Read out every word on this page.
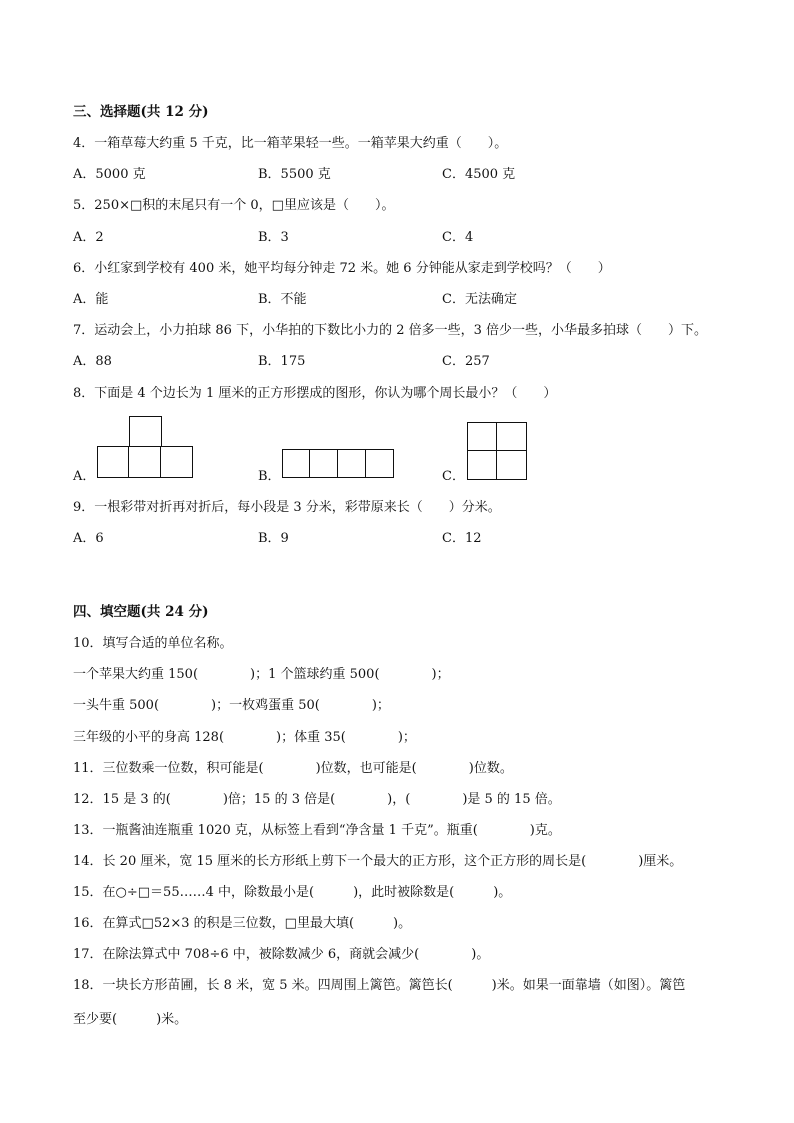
三、选择题(共 12 分)
4．一箱草莓大约重 5 千克，比一箱苹果轻一些。一箱苹果大约重（　　）。
A．5000 克	B．5500 克	C．4500 克
5．250×□积的末尾只有一个 0，□里应该是（　　）。
A．2	B．3	C．4
6．小红家到学校有 400 米，她平均每分钟走 72 米。她 6 分钟能从家走到学校吗？（　　）
A．能	B．不能	C．无法确定
7．运动会上，小力拍球 86 下，小华拍的下数比小力的 2 倍多一些，3 倍少一些，小华最多拍球（　　）下。
A．88	B．175	C．257
8．下面是 4 个边长为 1 厘米的正方形摆成的图形，你认为哪个周长最小？（　　）
A．	B．	C．
9．一根彩带对折再对折后，每小段是 3 分米，彩带原来长（　　）分米。
A．6	B．9	C．12
四、填空题(共 24 分)
10．填写合适的单位名称。
一个苹果大约重 150(　　　　)；1 个篮球约重 500(　　　　)；
一头牛重 500(　　　　)；一枚鸡蛋重 50(　　　　)；
三年级的小平的身高 128(　　　　)；体重 35(　　　　)；
11．三位数乘一位数，积可能是(　　　　)位数，也可能是(　　　　)位数。
12．15 是 3 的(　　　　)倍；15 的 3 倍是(　　　　)，(　　　　)是 5 的 15 倍。
13．一瓶酱油连瓶重 1020 克，从标签上看到“净含量 1 千克”。瓶重(　　　　)克。
14．长 20 厘米，宽 15 厘米的长方形纸上剪下一个最大的正方形，这个正方形的周长是(　　　　)厘米。
15．在○÷□＝55……4 中，除数最小是(　　　)，此时被除数是(　　　)。
16．在算式□52×3 的积是三位数，□里最大填(　　　)。
17．在除法算式中 708÷6 中，被除数减少 6，商就会减少(　　　　)。
18．一块长方形苗圃，长 8 米，宽 5 米。四周围上篱笆。篱笆长(　　　)米。如果一面靠墙（如图）。篱笆
至少要(　　　)米。
